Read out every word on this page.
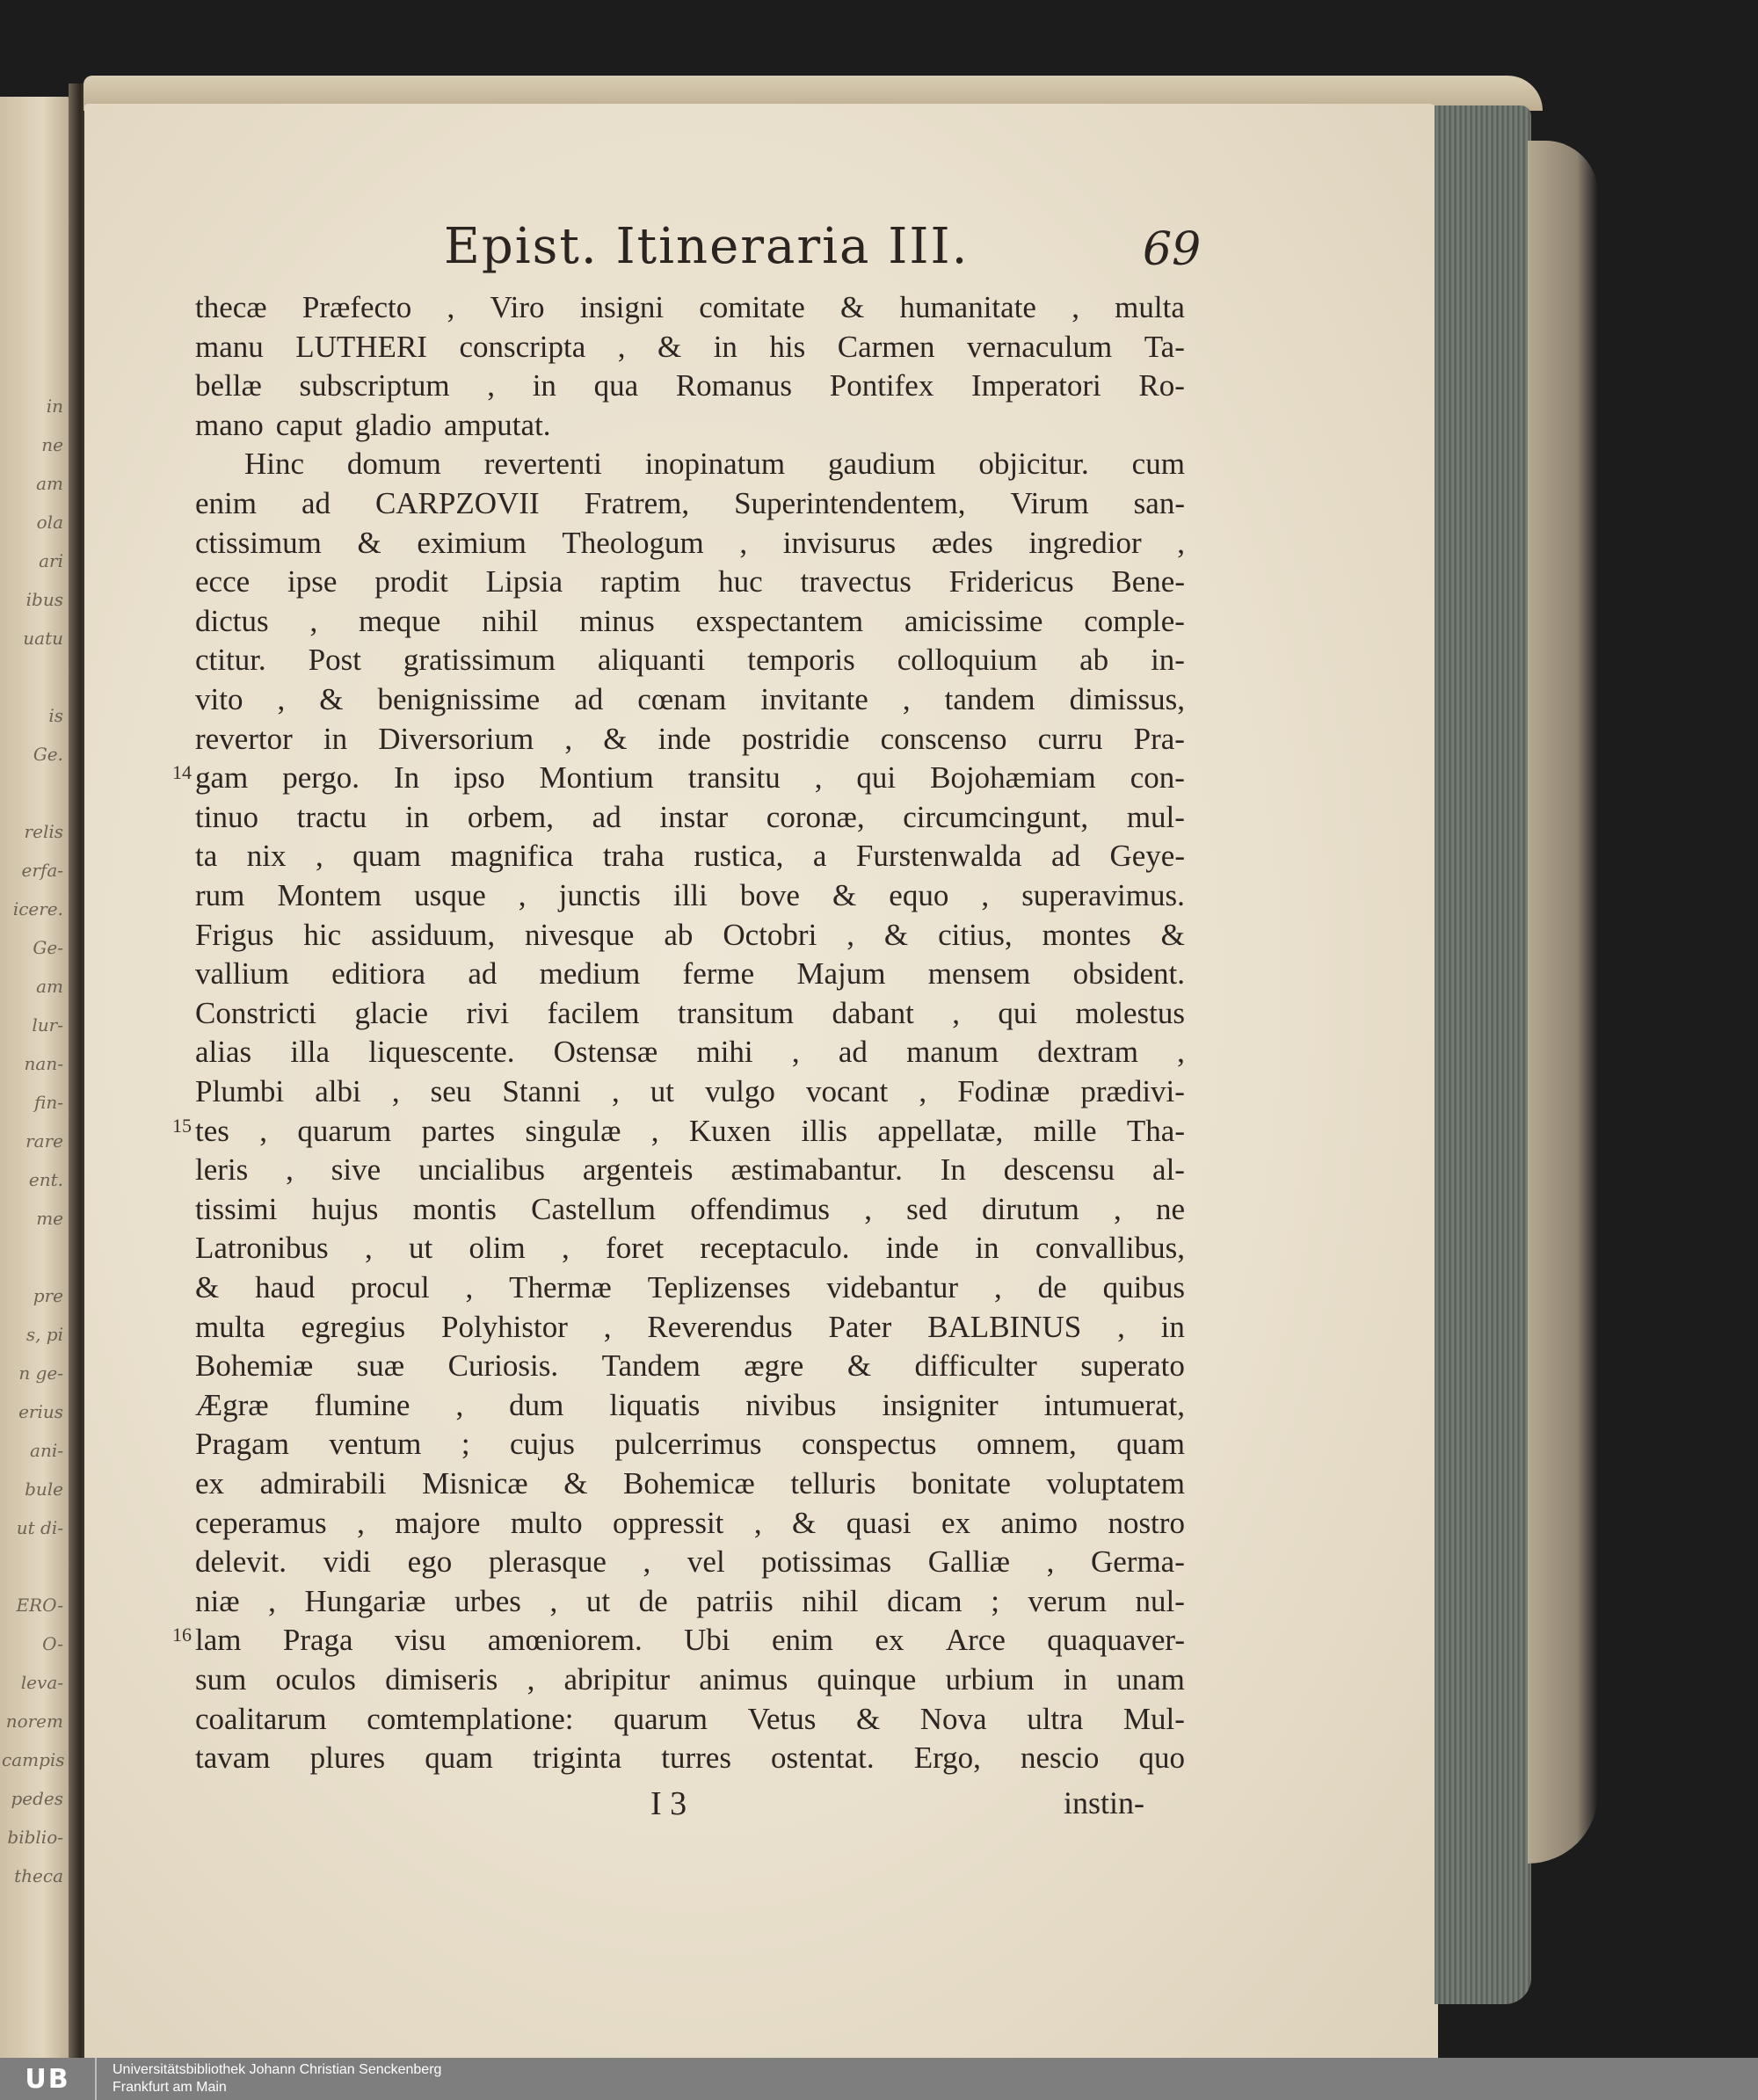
in
ne
am
ola
ari
ibus
uatu

is
Ge.

relis
erfa-
icere.
Ge-
am
lur-
nan-
fin-
rare
ent.
me

pre
s, pi
n ge-
erius
ani-
bule
ut di-

ERO-
O-
leva-
norem
campis
pedes
biblio-
theca
Epist. Itineraria III.	69
thecæ Præfecto , Viro insigni comitate & humanitate , multa
manu LUTHERI conscripta , & in his Carmen vernaculum Ta-
bellæ subscriptum , in qua Romanus Pontifex Imperatori Ro-
mano caput gladio amputat.
Hinc domum revertenti inopinatum gaudium objicitur. cum
enim ad CARPZOVII Fratrem, Superintendentem, Virum san-
ctissimum & eximium Theologum , invisurus ædes ingredior ,
ecce ipse prodit Lipsia raptim huc travectus Fridericus Bene-
dictus , meque nihil minus exspectantem amicissime comple-
ctitur. Post gratissimum aliquanti temporis colloquium ab in-
vito , & benignissime ad cœnam invitante , tandem dimissus,
revertor in Diversorium , & inde postridie conscenso curru Pra-
gam pergo. In ipso Montium transitu , qui Bojohæmiam con-
14
tinuo tractu in orbem, ad instar coronæ, circumcingunt, mul-
ta nix , quam magnifica traha rustica, a Furstenwalda ad Geye-
rum Montem usque , junctis illi bove & equo , superavimus.
Frigus hic assiduum, nivesque ab Octobri , & citius, montes &
vallium editiora ad medium ferme Majum mensem obsident.
Constricti glacie rivi facilem transitum dabant , qui molestus
alias illa liquescente. Ostensæ mihi , ad manum dextram ,
Plumbi albi , seu Stanni , ut vulgo vocant , Fodinæ prædivi-
tes , quarum partes singulæ , Kuxen illis appellatæ, mille Tha-
15
leris , sive uncialibus argenteis æstimabantur. In descensu al-
tissimi hujus montis Castellum offendimus , sed dirutum , ne
Latronibus , ut olim , foret receptaculo. inde in convallibus,
& haud procul , Thermæ Teplizenses videbantur , de quibus
multa egregius Polyhistor , Reverendus Pater BALBINUS , in
Bohemiæ suæ Curiosis. Tandem ægre & difficulter superato
Ægræ flumine , dum liquatis nivibus insigniter intumuerat,
Pragam ventum ; cujus pulcerrimus conspectus omnem, quam
ex admirabili Misnicæ & Bohemicæ telluris bonitate voluptatem
ceperamus , majore multo oppressit , & quasi ex animo nostro
delevit. vidi ego plerasque , vel potissimas Galliæ , Germa-
niæ , Hungariæ urbes , ut de patriis nihil dicam ; verum nul-
lam Praga visu amœniorem. Ubi enim ex Arce quaquaver-
16
sum oculos dimiseris , abripitur animus quinque urbium in unam
coalitarum comtemplatione: quarum Vetus & Nova ultra Mul-
tavam plures quam triginta turres ostentat. Ergo, nescio quo
I 3	instin-
UB	Universitätsbibliothek Johann Christian Senckenberg
Frankfurt am Main
